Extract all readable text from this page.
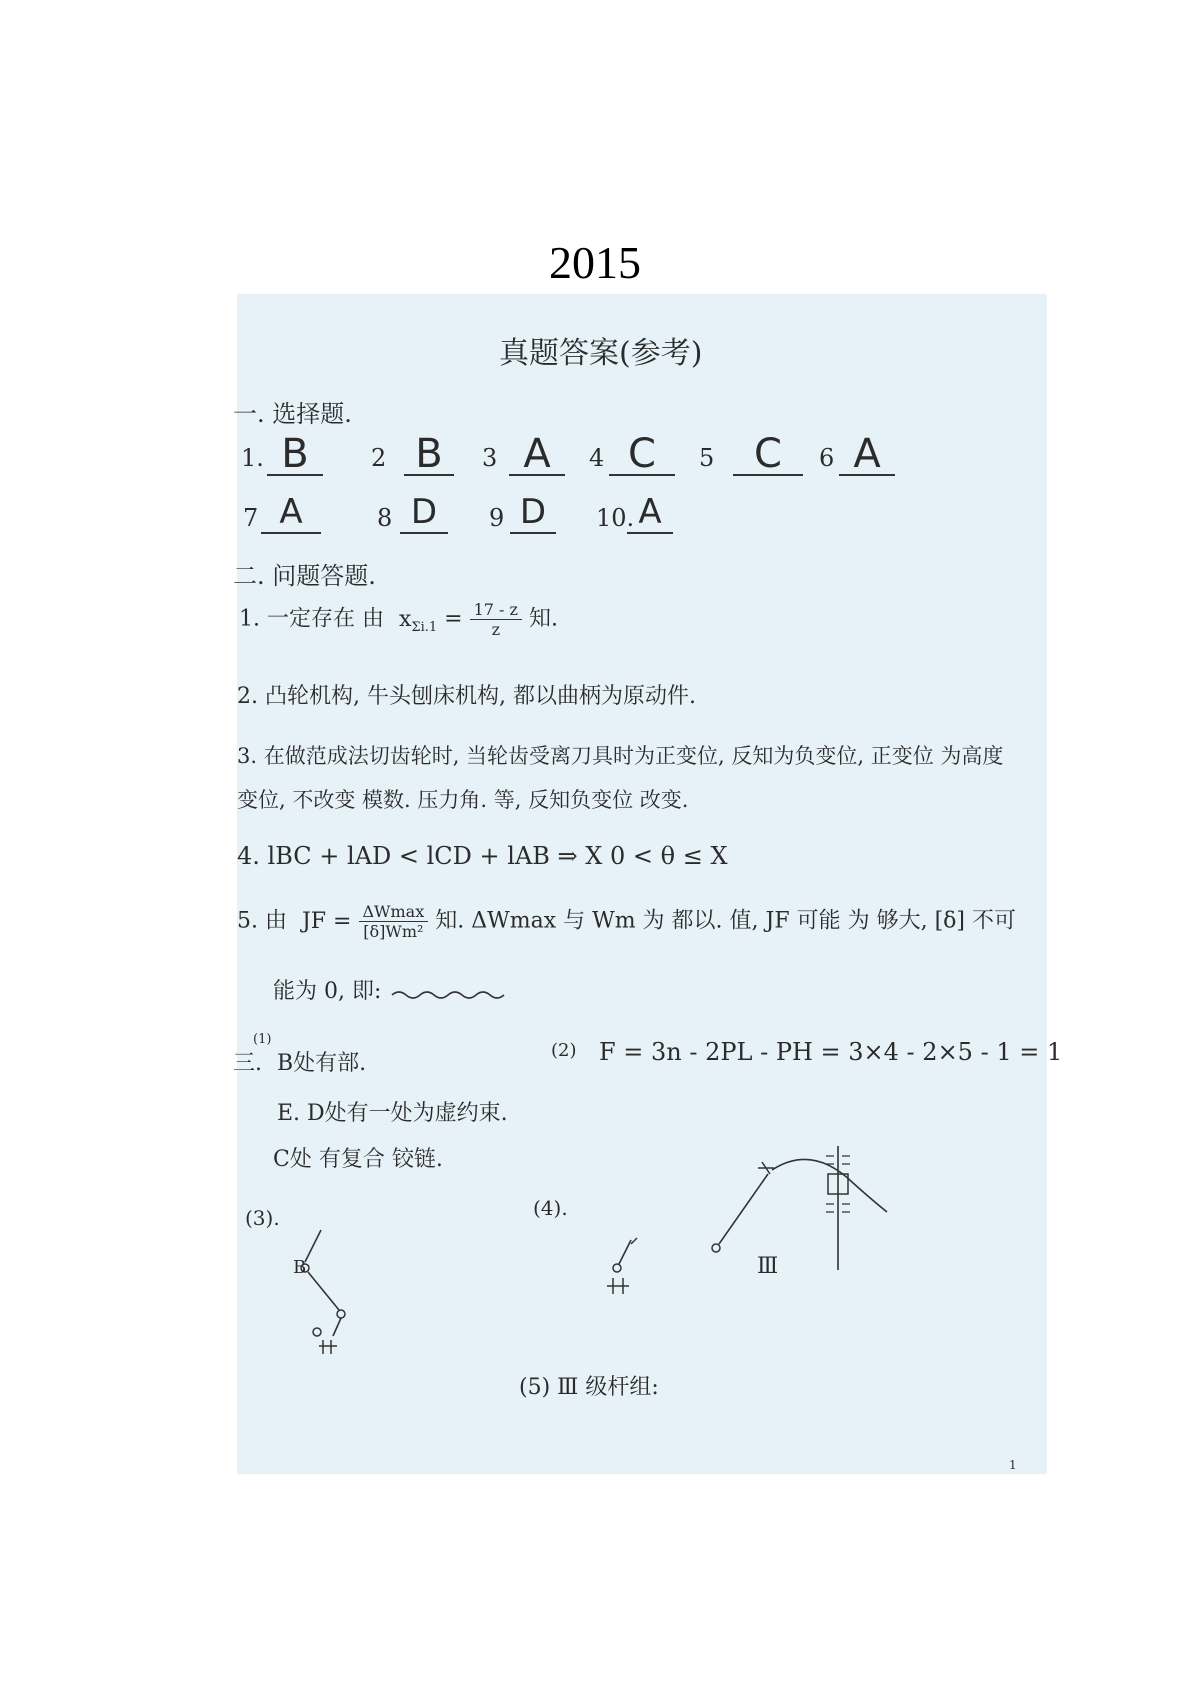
2015
真题答案(参考)
一. 选择题.
1. B	2 B	3 A	4 C	5 C	6 A
7 A	8 D	9 D	10. A
二. 问题答题.
1. 一定存在 由 $x_{\Sigma i.1} = \frac{17 - z}{z}$ 知.
2. 凸轮机构, 牛头刨床机构, 都以曲柄为原动件.
3. 在做范成法切齿轮时, 当轮齿受离刀具时为正变位, 反知为负变位, 正变位 为高度
变位, 不改变 模数. 压力角. 等, 反知负变位 改变.
4. lBC + lAD < lCD + lAB ⇒ X 0 < θ ≤ X
5. 由 JF = $\frac{\Delta Wmax}{\text{[δ]Wm²}}$ 知. ΔWmax 与 Wm 为 都以. 值, JF 可能 为 够大, [δ] 不可
能为 0, 即:
三.
(1)
B处有部.
E. D处有一处为虚约束.
C处 有复合 铰链.
(2) F = 3n - 2PL - PH = 3×4 - 2×5 - 1 = 1
(3).	(4).
B	Ⅲ
(5) Ⅲ 级杆组:
1
